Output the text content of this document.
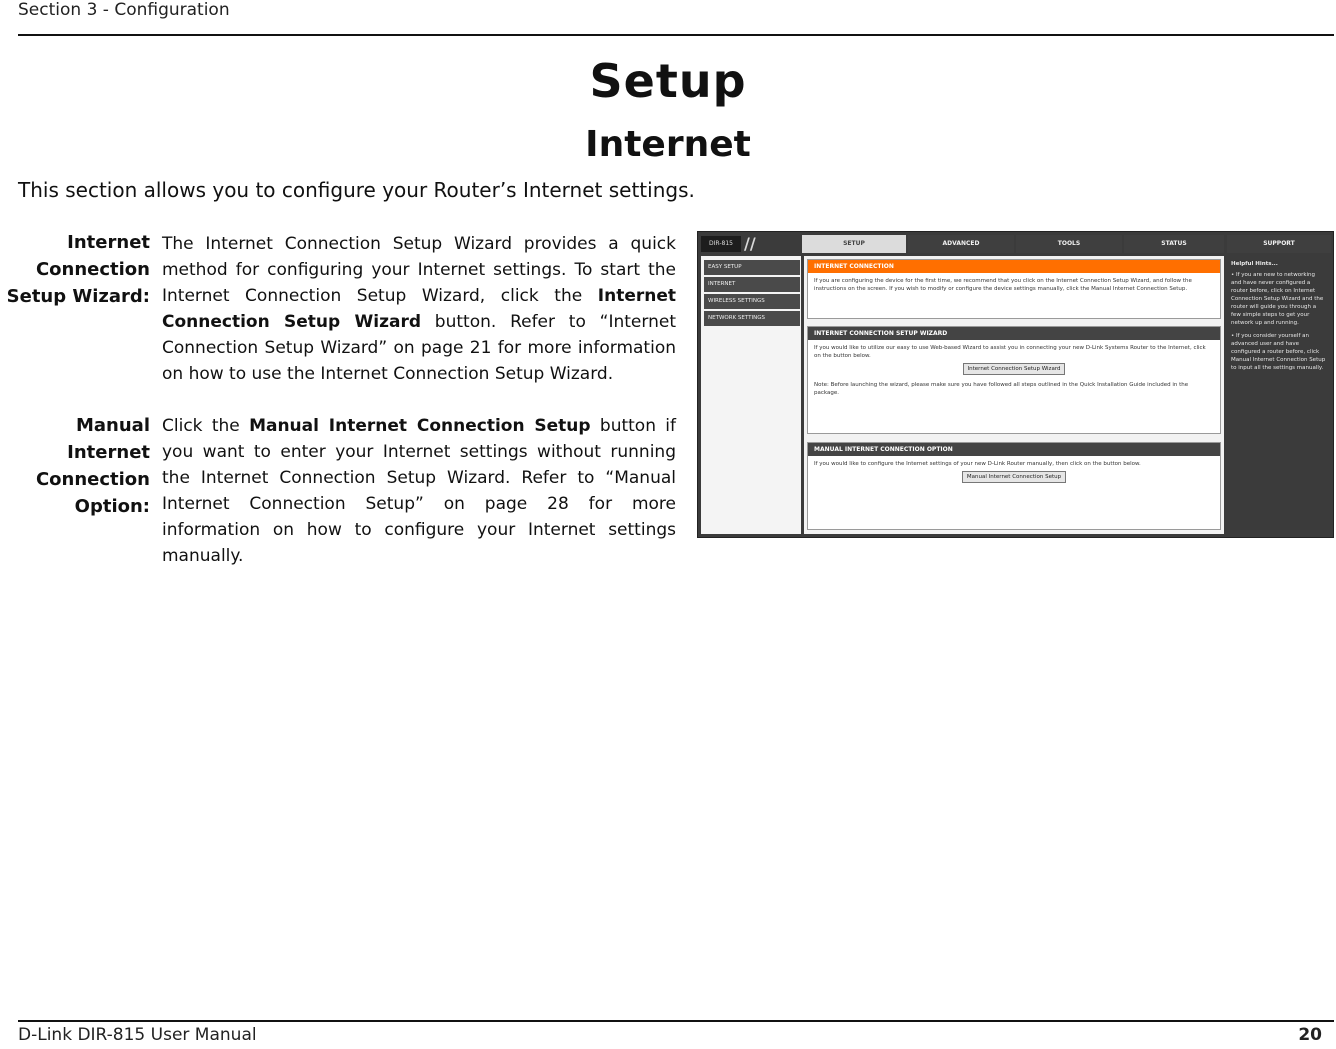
Section 3 - Configuration
Setup
Internet
This section allows you to configure your Router’s Internet settings.
Internet
Connection
Setup Wizard:
The Internet Connection Setup Wizard provides a quick method for configuring your Internet settings. To start the Internet Connection Setup Wizard, click the Internet Connection Setup Wizard button. Refer to “Internet Connection Setup Wizard” on page 21 for more information on how to use the Internet Connection Setup Wizard.
Manual Internet
Connection
Option:
Click the Manual Internet Connection Setup button if you want to enter your Internet settings without running the Internet Connection Setup Wizard. Refer to “Manual Internet Connection Setup” on page 28 for more information on how to configure your Internet settings manually.
DIR-815 //	SETUP	ADVANCED	TOOLS	STATUS	SUPPORT
EASY SETUP
INTERNET
WIRELESS SETTINGS
NETWORK SETTINGS
INTERNET CONNECTION
If you are configuring the device for the first time, we recommend that you click on the Internet Connection Setup Wizard, and follow the instructions on the screen. If you wish to modify or configure the device settings manually, click the Manual Internet Connection Setup.
INTERNET CONNECTION SETUP WIZARD
If you would like to utilize our easy to use Web-based Wizard to assist you in connecting your new D-Link Systems Router to the Internet, click on the button below.
Internet Connection Setup Wizard
Note: Before launching the wizard, please make sure you have followed all steps outlined in the Quick Installation Guide included in the package.
MANUAL INTERNET CONNECTION OPTION
If you would like to configure the Internet settings of your new D-Link Router manually, then click on the button below.
Manual Internet Connection Setup
Helpful Hints...
• If you are new to networking and have never configured a router before, click on Internet Connection Setup Wizard and the router will guide you through a few simple steps to get your network up and running.
• If you consider yourself an advanced user and have configured a router before, click Manual Internet Connection Setup to input all the settings manually.
D-Link DIR-815 User Manual	20
